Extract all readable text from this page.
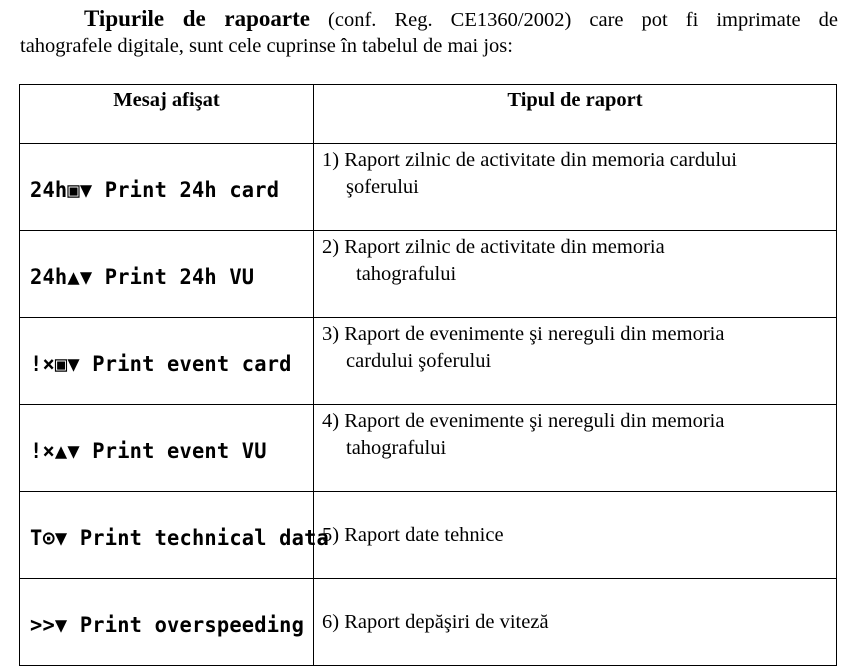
Tipurile de rapoarte (conf. Reg. CE1360/2002) care pot fi imprimate de
tahografele digitale, sunt cele cuprinse în tabelul de mai jos:
Mesaj afişat	Tipul de raport
24h▣▼ Print 24h card	1) Raport zilnic de activitate din memoria cardului
şoferului

24h▲▼ Print 24h VU	2) Raport zilnic de activitate din memoria
tahografului

!×▣▼ Print event card	3) Raport de evenimente şi nereguli din memoria
cardului şoferului

!×▲▼ Print event VU	4) Raport de evenimente şi nereguli din memoria
tahografului

T⊙▼ Print technical data	5) Raport date tehnice

>>▼ Print overspeeding	6) Raport depăşiri de viteză
